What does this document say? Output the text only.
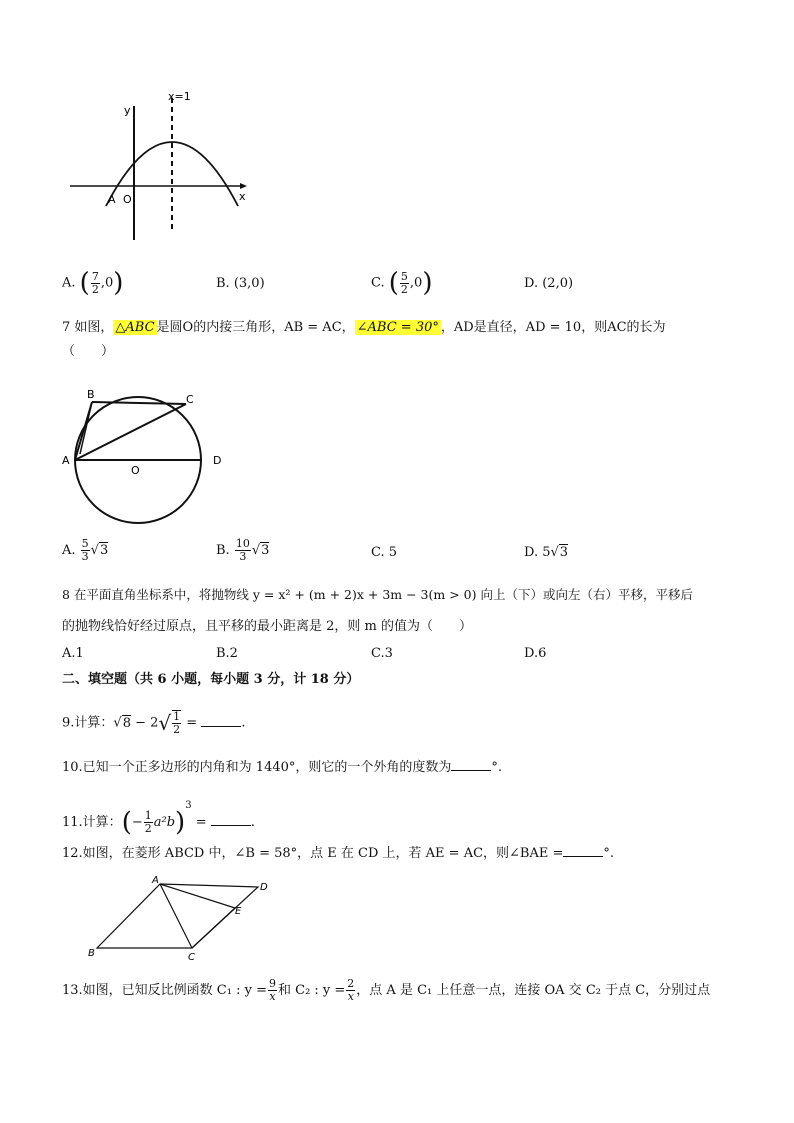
x=1
y
x
A O
A. ( $\frac{7}{2} ,0$)	B. (3,0)	C. ( $\frac{5}{2} ,0$)	D. (2,0)
7 如图， △ABC 是圆O的内接三角形，AB = AC， ∠ABC = 30° ，AD是直径，AD = 10，则AC的长为
（　　）
B	C
A
O
D
A. $\frac{5}{3} √3$	B. $\frac{10}{3} √3$	C. 5	D. 5√3
8 在平面直角坐标系中，将抛物线 y = x² + (m + 2)x + 3m − 3(m > 0) 向上（下）或向左（右）平移，平移后
的抛物线恰好经过原点，且平移的最小距离是 2，则 m 的值为（　　）
A.1	B.2	C.3	D.6
二、填空题（共 6 小题，每小题 3 分，计 18 分）
9.计算：$√8 - 2√ \frac{1}{2}$ =	.
10.已知一个正多边形的内角和为 1440°，则它的一个外角的度数为	°.
11.计算：(− $\frac{1}{2} a^2b)^3$ =	.
12.如图，在菱形 ABCD 中，∠B = 58°，点 E 在 CD 上，若 AE = AC，则∠BAE =	°.
A
D
E
B	C
13.如图，已知反比例函数 C₁ : $y = \frac{9}{x}$ 和 C₂ : $y = \frac{2}{x}$ ，点 A 是 C₁ 上任意一点，连接 OA 交 C₂ 于点 C，分别过点
